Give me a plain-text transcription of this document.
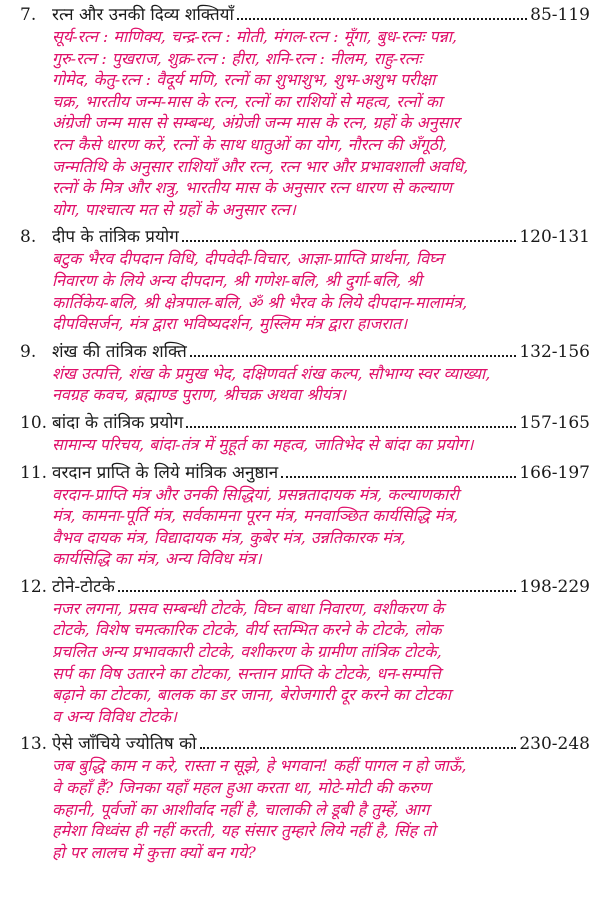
7. रत्न और उनकी दिव्य शक्तियाँ	85-119
सूर्य-रत्न : माणिक्य, चन्द्र-रत्न : मोती, मंगल-रत्न : मूँगा, बुध-रत्नः पन्ना,
गुरु-रत्न : पुखराज, शुक्र-रत्न : हीरा, शनि-रत्न : नीलम, राहु-रत्नः
गोमेद, केतु-रत्न : वैदूर्य मणि, रत्नों का शुभाशुभ, शुभ-अशुभ परीक्षा
चक्र, भारतीय जन्म-मास के रत्न, रत्नों का राशियों से महत्व, रत्नों का
अंग्रेजी जन्म मास से सम्बन्ध, अंग्रेजी जन्म मास के रत्न, ग्रहों के अनुसार
रत्न कैसे धारण करें, रत्नों के साथ धातुओं का योग, नौरत्न की अँगूठी,
जन्मतिथि के अनुसार राशियाँ और रत्न, रत्न भार और प्रभावशाली अवधि,
रत्नों के मित्र और शत्रु, भारतीय मास के अनुसार रत्न धारण से कल्याण
योग, पाश्चात्य मत से ग्रहों के अनुसार रत्न।
8. दीप के तांत्रिक प्रयोग	120-131
बटुक भैरव दीपदान विधि, दीपवेदी-विचार, आज्ञा-प्राप्ति प्रार्थना, विघ्न
निवारण के लिये अन्य दीपदान, श्री गणेश-बलि, श्री दुर्गा-बलि, श्री
कार्तिकेय-बलि, श्री क्षेत्रपाल-बलि, ॐ श्री भैरव के लिये दीपदान-मालामंत्र,
दीपविसर्जन, मंत्र द्वारा भविष्यदर्शन, मुस्लिम मंत्र द्वारा हाजरात।
9. शंख की तांत्रिक शक्ति	132-156
शंख उत्पत्ति, शंख के प्रमुख भेद, दक्षिणवर्त शंख कल्प, सौभाग्य स्वर व्याख्या,
नवग्रह कवच, ब्रह्माण्ड पुराण, श्रीचक्र अथवा श्रीयंत्र।
10. बांदा के तांत्रिक प्रयोग	157-165
सामान्य परिचय, बांदा-तंत्र में मुहूर्त का महत्व, जातिभेद से बांदा का प्रयोग।
11. वरदान प्राप्ति के लिये मांत्रिक अनुष्ठान	166-197
वरदान-प्राप्ति मंत्र और उनकी सिद्धियां, प्रसन्नतादायक मंत्र, कल्याणकारी
मंत्र, कामना-पूर्ति मंत्र, सर्वकामना पूरन मंत्र, मनवाञ्छित कार्यसिद्धि मंत्र,
वैभव दायक मंत्र, विद्यादायक मंत्र, कुबेर मंत्र, उन्नतिकारक मंत्र,
कार्यसिद्धि का मंत्र, अन्य विविध मंत्र।
12. टोने-टोटके	198-229
नजर लगना, प्रसव सम्बन्धी टोटके, विघ्न बाधा निवारण, वशीकरण के
टोटके, विशेष चमत्कारिक टोटके, वीर्य स्तम्भित करने के टोटके, लोक
प्रचलित अन्य प्रभावकारी टोटके, वशीकरण के ग्रामीण तांत्रिक टोटके,
सर्प का विष उतारने का टोटका, सन्तान प्राप्ति के टोटके, धन-सम्पत्ति
बढ़ाने का टोटका, बालक का डर जाना, बेरोजगारी दूर करने का टोटका
व अन्य विविध टोटके।
13. ऐसे जाँचिये ज्योतिष को	230-248
जब बुद्धि काम न करे, रास्ता न सूझे, हे भगवान! कहीं पागल न हो जाऊँ,
वे कहाँ हैं? जिनका यहाँ महल हुआ करता था, मोटे-मोटी की करुण
कहानी, पूर्वजों का आशीर्वाद नहीं है, चालाकी ले डूबी है तुम्हें, आग
हमेशा विध्वंस ही नहीं करती, यह संसार तुम्हारे लिये नहीं है, सिंह तो
हो पर लालच में कुत्ता क्यों बन गये?
